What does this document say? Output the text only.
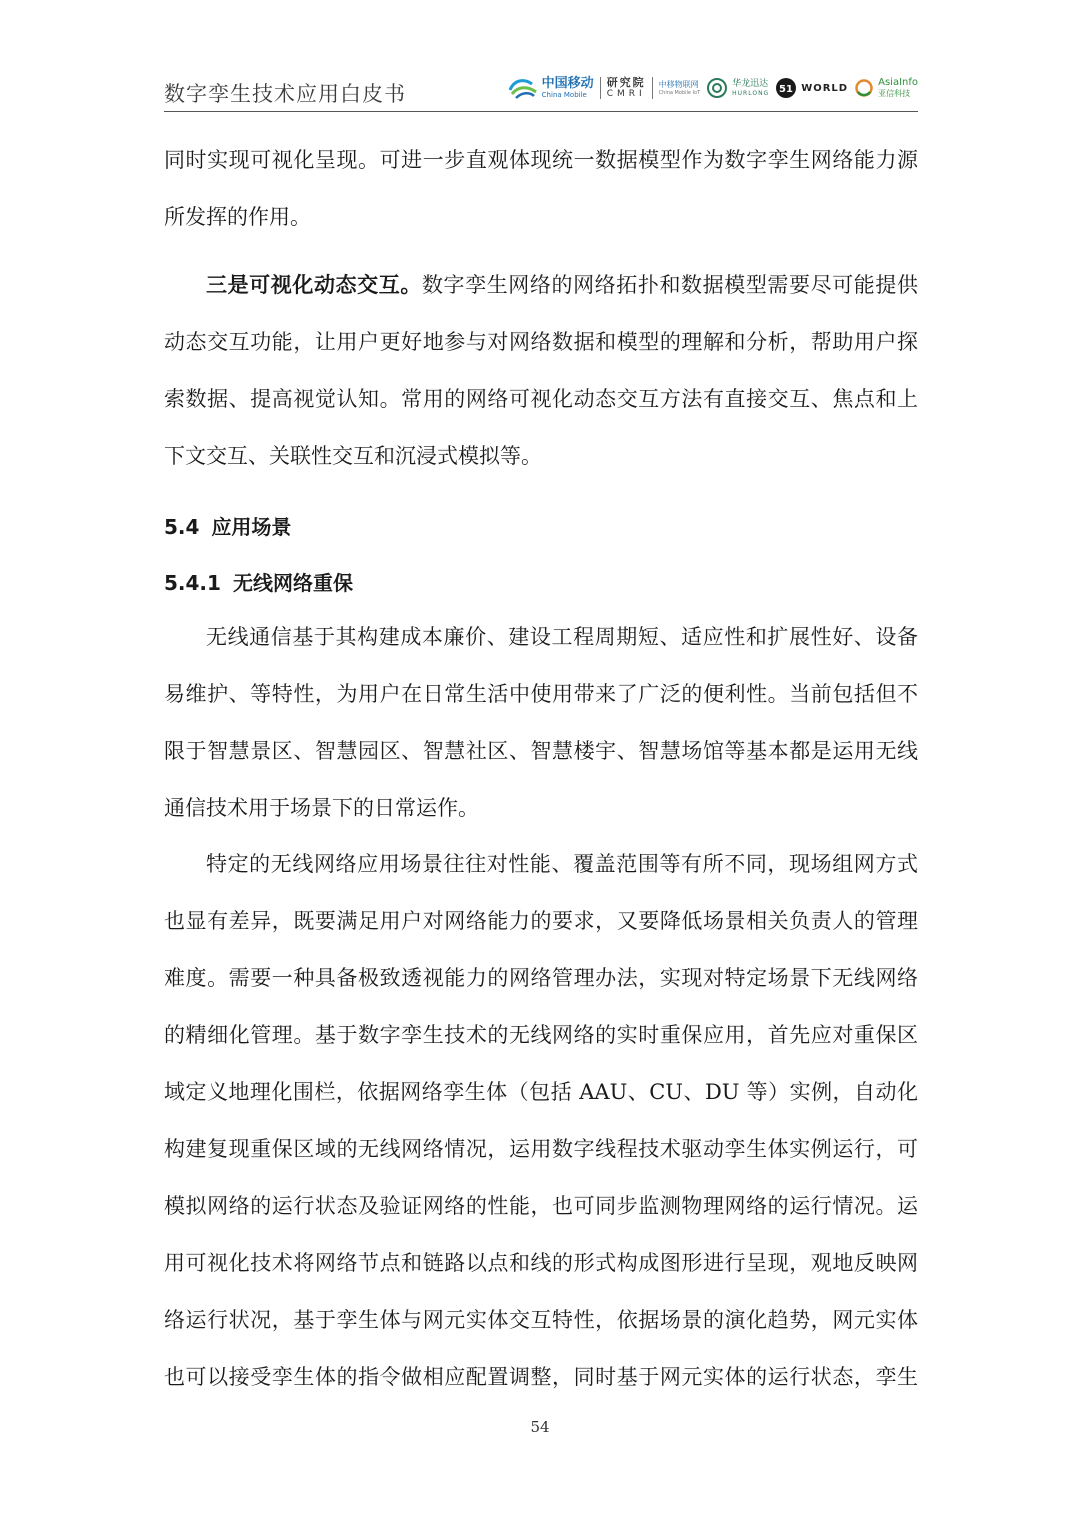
数字孪生技术应用白皮书	中国移动
China Mobile
研究院
CMRI
中移物联网
China Mobile IoT
华龙迅达
HURLONG 51 WORLD	AsiaInfo
亚信科技

同时实现可视化呈现。可进一步直观体现统一数据模型作为数字孪生网络能力源
所发挥的作用。

三是可视化动态交互。数字孪生网络的网络拓扑和数据模型需要尽可能提供
动态交互功能，让用户更好地参与对网络数据和模型的理解和分析，帮助用户探
索数据、提高视觉认知。常用的网络可视化动态交互方法有直接交互、焦点和上
下文交互、关联性交互和沉浸式模拟等。

5.4 应用场景
5.4.1 无线网络重保

无线通信基于其构建成本廉价、建设工程周期短、适应性和扩展性好、设备
易维护、等特性，为用户在日常生活中使用带来了广泛的便利性。当前包括但不
限于智慧景区、智慧园区、智慧社区、智慧楼宇、智慧场馆等基本都是运用无线
通信技术用于场景下的日常运作。

特定的无线网络应用场景往往对性能、覆盖范围等有所不同，现场组网方式
也显有差异，既要满足用户对网络能力的要求，又要降低场景相关负责人的管理
难度。需要一种具备极致透视能力的网络管理办法，实现对特定场景下无线网络
的精细化管理。基于数字孪生技术的无线网络的实时重保应用，首先应对重保区
域定义地理化围栏，依据网络孪生体（包括 AAU、CU、DU 等）实例，自动化
构建复现重保区域的无线网络情况，运用数字线程技术驱动孪生体实例运行，可
模拟网络的运行状态及验证网络的性能，也可同步监测物理网络的运行情况。运
用可视化技术将网络节点和链路以点和线的形式构成图形进行呈现，观地反映网
络运行状况，基于孪生体与网元实体交互特性，依据场景的演化趋势，网元实体
也可以接受孪生体的指令做相应配置调整，同时基于网元实体的运行状态，孪生

54
